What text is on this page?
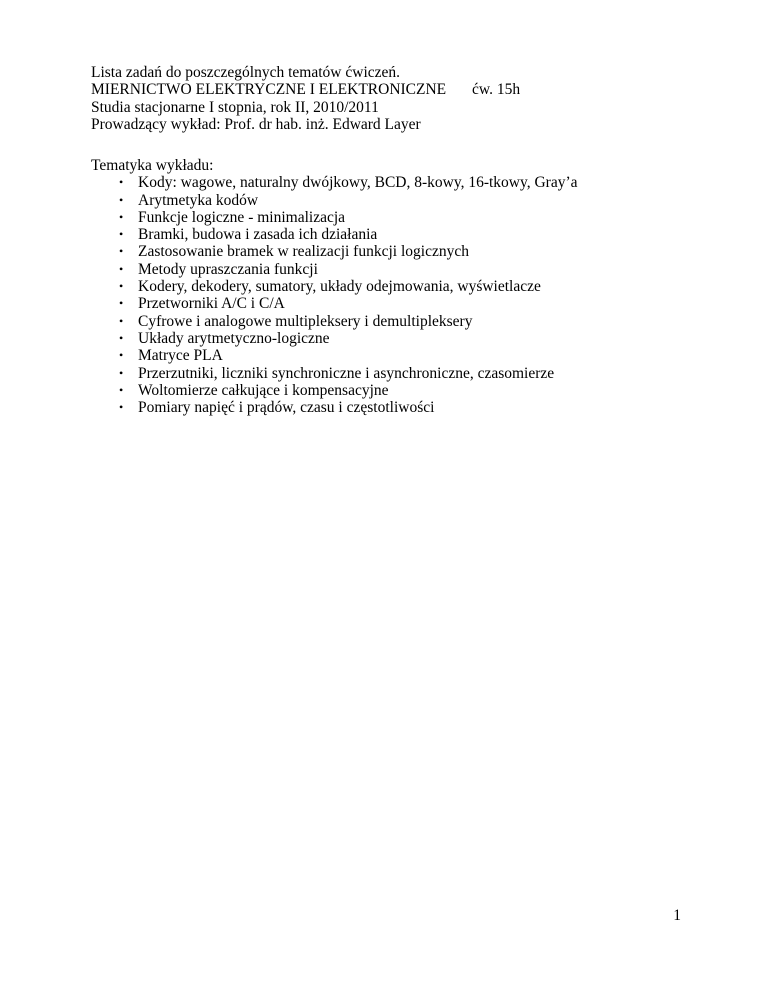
Lista zadań do poszczególnych tematów ćwiczeń.
MIERNICTWO ELEKTRYCZNE I ELEKTRONICZNE ćw. 15h
Studia stacjonarne I stopnia, rok II, 2010/2011
Prowadzący wykład: Prof. dr hab. inż. Edward Layer
Tematyka wykładu:
• Kody: wagowe, naturalny dwójkowy, BCD, 8-kowy, 16-tkowy, Gray’a
• Arytmetyka kodów
• Funkcje logiczne - minimalizacja
• Bramki, budowa i zasada ich działania
• Zastosowanie bramek w realizacji funkcji logicznych
• Metody upraszczania funkcji
• Kodery, dekodery, sumatory, układy odejmowania, wyświetlacze
• Przetworniki A/C i C/A
• Cyfrowe i analogowe multipleksery i demultipleksery
• Układy arytmetyczno-logiczne
• Matryce PLA
• Przerzutniki, liczniki synchroniczne i asynchroniczne, czasomierze
• Woltomierze całkujące i kompensacyjne
• Pomiary napięć i prądów, czasu i częstotliwości
1
